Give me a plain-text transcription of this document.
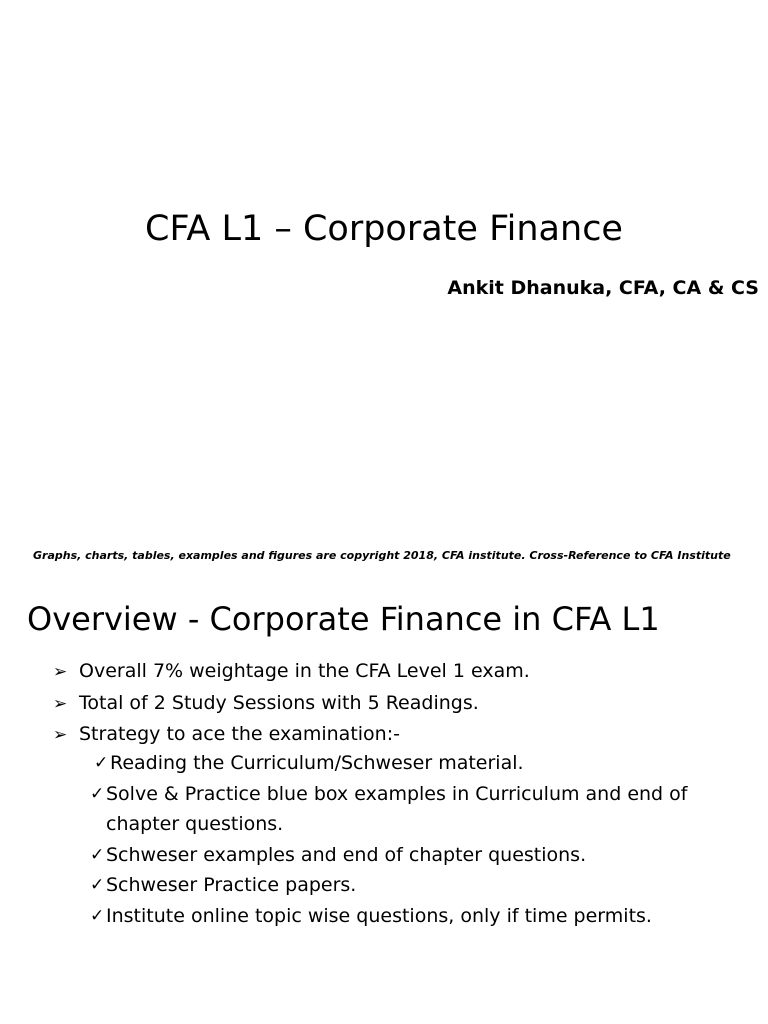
CFA L1 – Corporate Finance
Ankit Dhanuka, CFA, CA & CS
Graphs, charts, tables, examples and figures are copyright 2018, CFA institute. Cross-Reference to CFA Institute
Overview - Corporate Finance in CFA L1
➢ Overall 7% weightage in the CFA Level 1 exam.
➢ Total of 2 Study Sessions with 5 Readings.
➢ Strategy to ace the examination:-
✓ Reading the Curriculum/Schweser material.
✓ Solve & Practice blue box examples in Curriculum and end of chapter questions.
✓ Schweser examples and end of chapter questions.
✓ Schweser Practice papers.
✓ Institute online topic wise questions, only if time permits.
